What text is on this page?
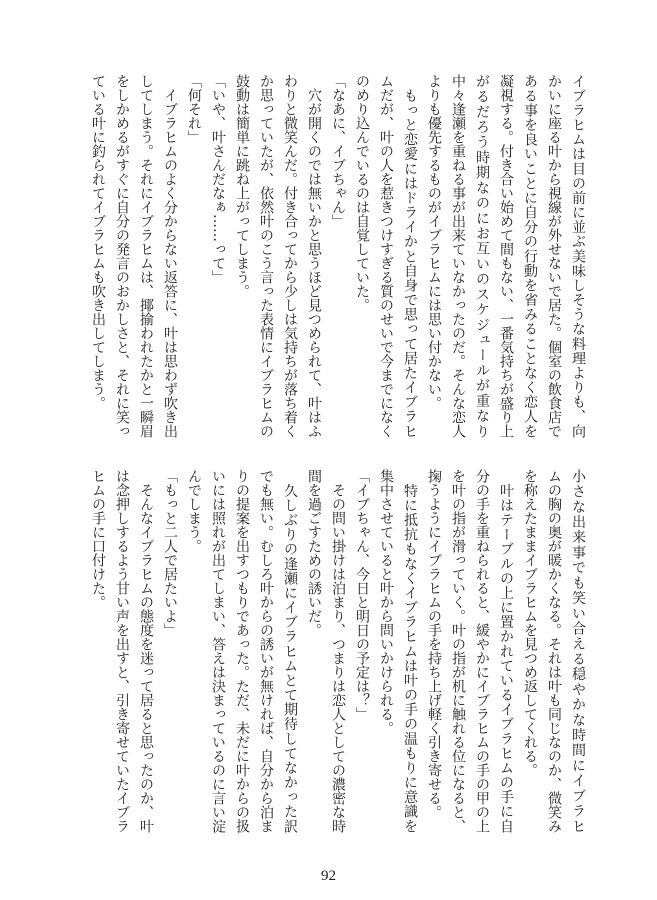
イブラヒムは目の前に並ぶ美味しそうな料理よりも、向
かいに座る叶から視線が外せないで居た。個室の飲食店で
ある事を良いことに自分の行動を省みることなく恋人を
凝視する。付き合い始めて間もない、一番気持ちが盛り上
がるだろう時期なのにお互いのスケジュールが重なり
中々逢瀬を重ねる事が出来ていなかったのだ。そんな恋人
よりも優先するものがイブラヒムには思い付かない。
　もっと恋愛にはドライかと自身で思って居たイブラヒ
ムだが、叶の人を惹きつけすぎる質のせいで今までになく
のめり込んでいるのは自覚していた。
「なあに、イブちゃん」
　穴が開くのでは無いかと思うほど見つめられて、叶はふ
わりと微笑んだ。付き合ってから少しは気持ちが落ち着く
か思っていたが、依然叶のこう言った表情にイブラヒムの
鼓動は簡単に跳ね上がってしまう。
「いや、叶さんだなぁ……って」
「何それ」
　イブラヒムのよく分からない返答に、叶は思わず吹き出
してしまう。それにイブラヒムは、揶揄われたかと一瞬眉
をしかめるがすぐに自分の発言のおかしさと、それに笑っ
ている叶に釣られてイブラヒムも吹き出してしまう。
小さな出来事でも笑い合える穏やかな時間にイブラヒ
ムの胸の奥が暖かくなる。それは叶も同じなのか、微笑み
を称えたままイブラヒムを見つめ返してくれる。
　叶はテーブルの上に置かれているイブラヒムの手に自
分の手を重ねられると、緩やかにイブラヒムの手の甲の上
を叶の指が滑っていく。叶の指が机に触れる位になると、
掬うようにイブラヒムの手を持ち上げ軽く引き寄せる。
　特に抵抗もなくイブラヒムは叶の手の温もりに意識を
集中させていると叶から問いかけられる。
「イブちゃん、今日と明日の予定は？」
　その問い掛けは泊まり、つまりは恋人としての濃密な時
間を過ごすための誘いだ。
　久しぶりの逢瀬にイブラヒムとて期待してなかった訳
でも無い。むしろ叶からの誘いが無ければ、自分から泊ま
りの提案を出すつもりであった。ただ、未だに叶からの扱
いには照れが出てしまい、答えは決まっているのに言い淀
んでしまう。
「もっと二人で居たいよ」
　そんなイブラヒムの態度を迷って居ると思ったのか、叶
は念押しするよう甘い声を出すと、引き寄せていたイブラ
ヒムの手に口付けた。
92
